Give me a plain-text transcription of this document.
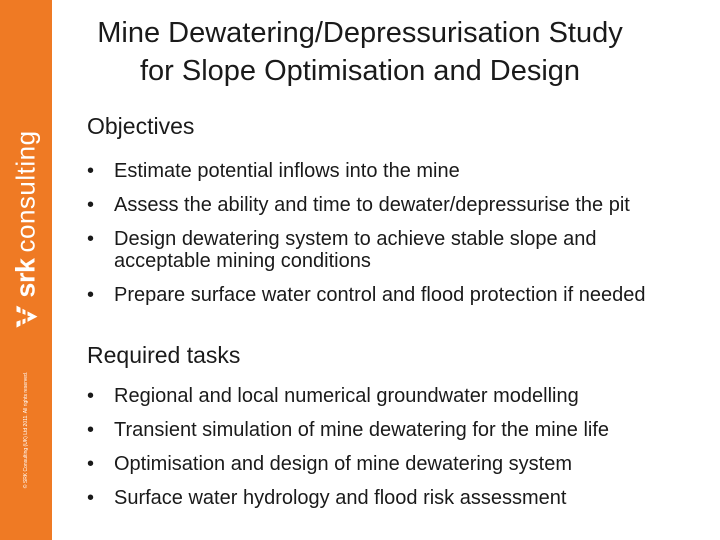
srk
consulting
© SRK Consulting (UK) Ltd 2011. All rights reserved.
Mine Dewatering/Depressurisation Study
for Slope Optimisation and Design
Objectives
• Estimate potential inflows into the mine
• Assess the ability and time to dewater/depressurise the pit
• Design dewatering system to achieve stable slope and
acceptable mining conditions
• Prepare surface water control and flood protection if needed
Required tasks
• Regional and local numerical groundwater modelling
• Transient simulation of mine dewatering for the mine life
• Optimisation and design of mine dewatering system
• Surface water hydrology and flood risk assessment
